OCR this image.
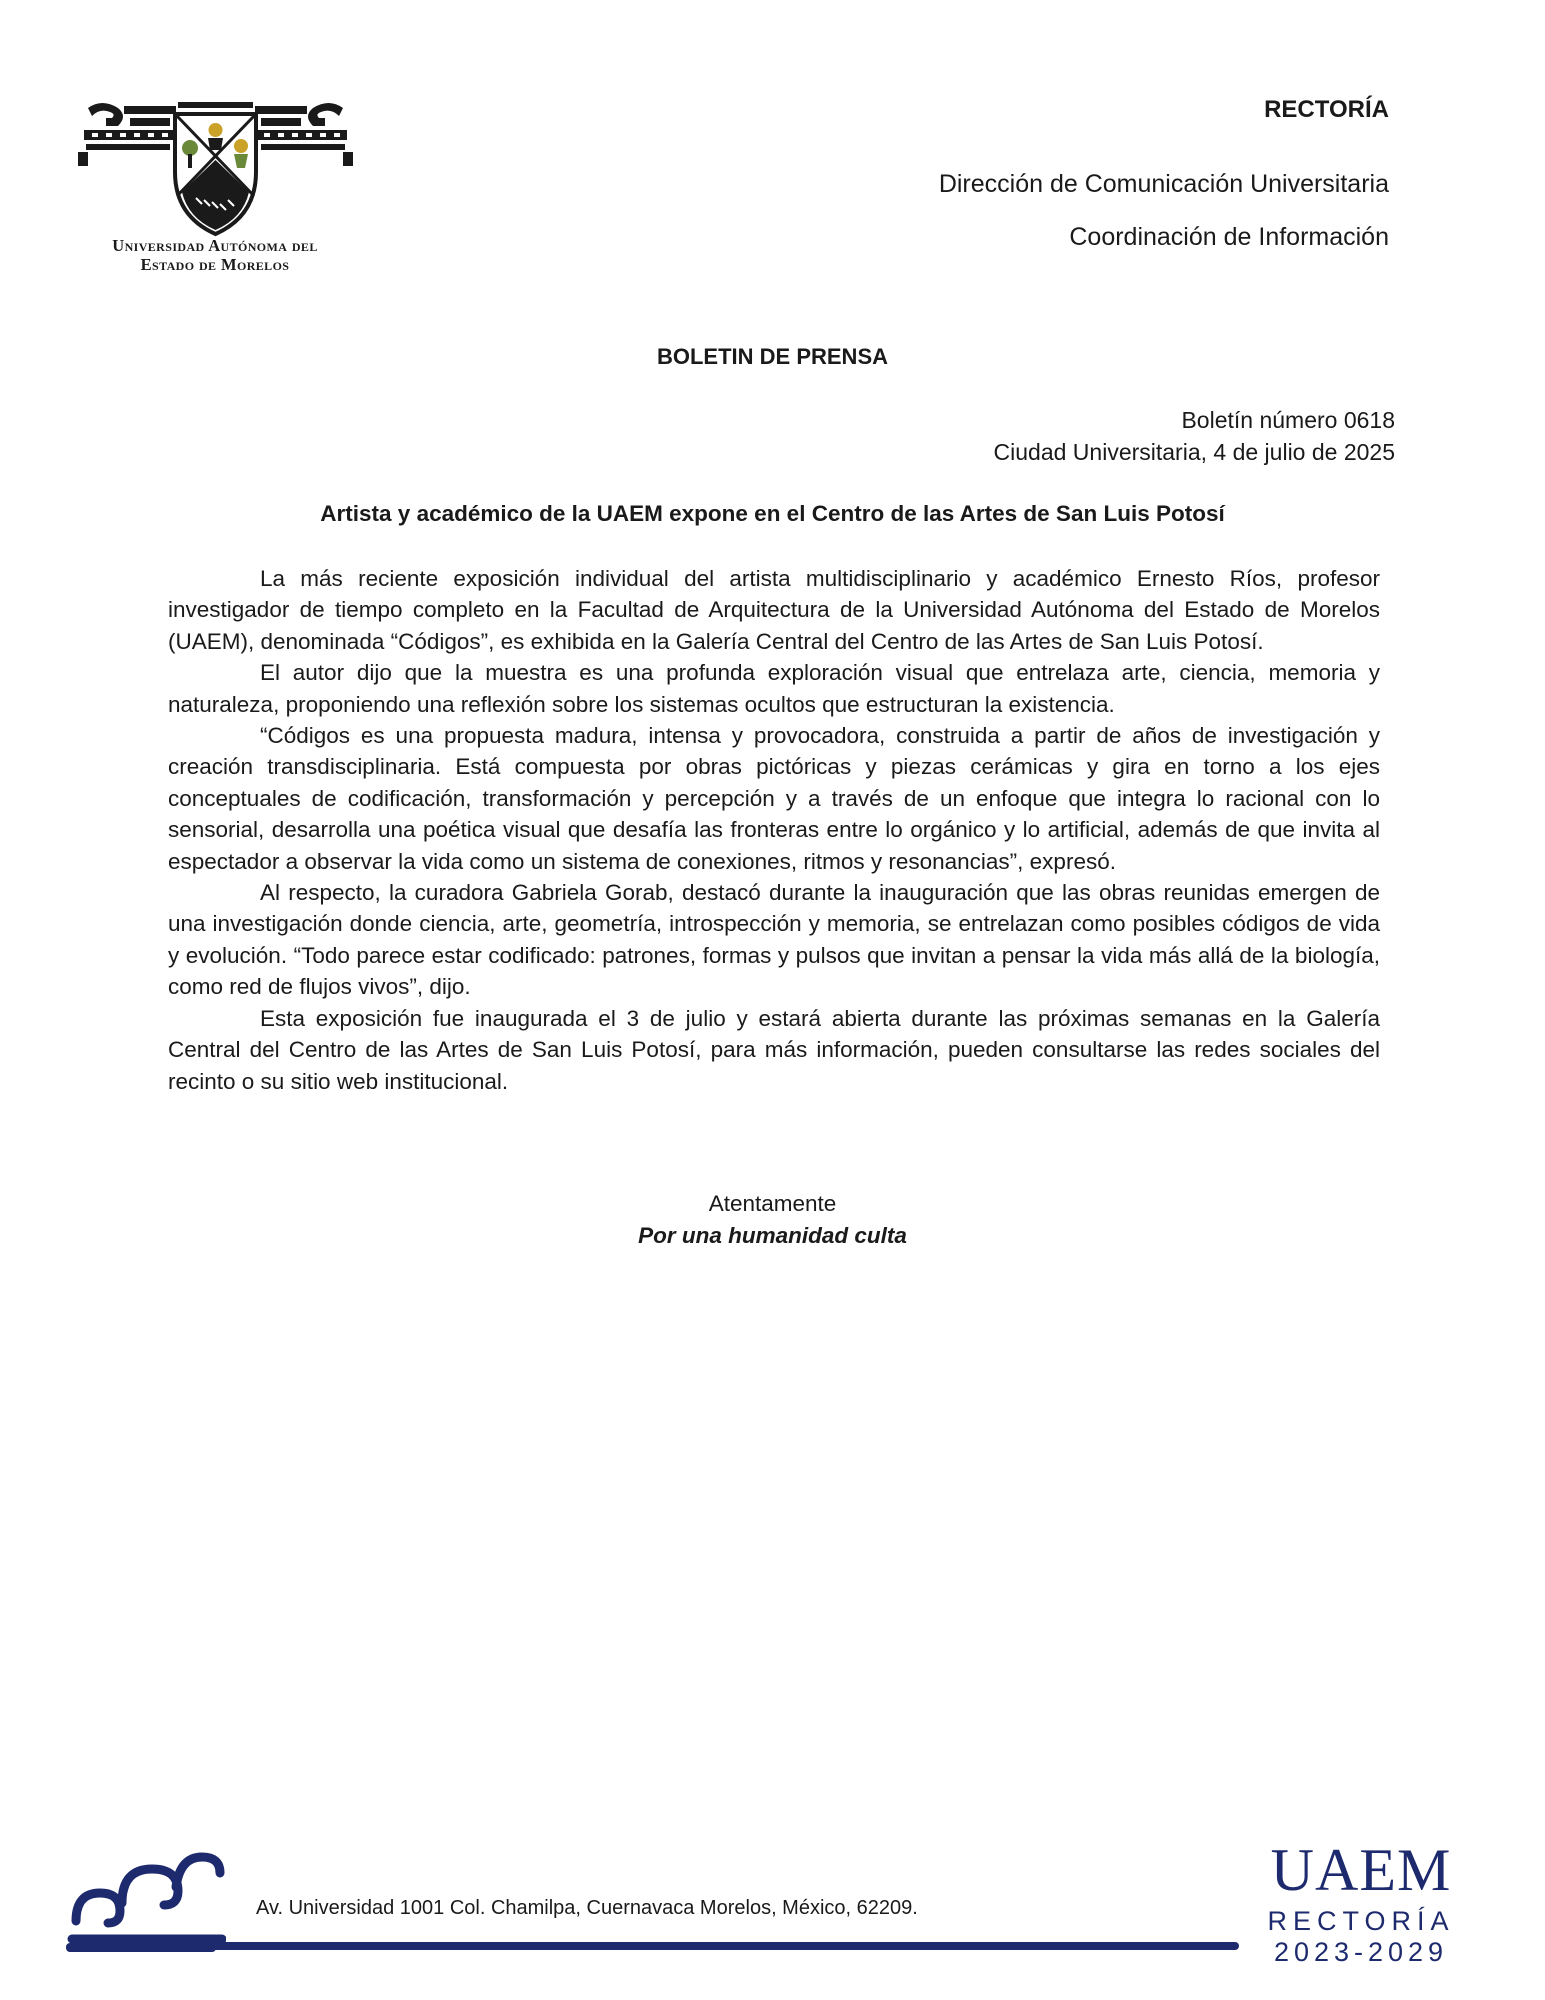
Universidad Autónoma del
Estado de Morelos
RECTORÍA
Dirección de Comunicación Universitaria
Coordinación de Información
BOLETIN DE PRENSA
Boletín número 0618
Ciudad Universitaria, 4 de julio de 2025
Artista y académico de la UAEM expone en el Centro de las Artes de San Luis Potosí

La más reciente exposición individual del artista multidisciplinario y académico Ernesto Ríos, profesor investigador de tiempo completo en la Facultad de Arquitectura de la Universidad Autónoma del Estado de Morelos (UAEM), denominada “Códigos”, es exhibida en la Galería Central del Centro de las Artes de San Luis Potosí.

El autor dijo que la muestra es una profunda exploración visual que entrelaza arte, ciencia, memoria y naturaleza, proponiendo una reflexión sobre los sistemas ocultos que estructuran la existencia.

“Códigos es una propuesta madura, intensa y provocadora, construida a partir de años de investigación y creación transdisciplinaria. Está compuesta por obras pictóricas y piezas cerámicas y gira en torno a los ejes conceptuales de codificación, transformación y percepción y a través de un enfoque que integra lo racional con lo sensorial, desarrolla una poética visual que desafía las fronteras entre lo orgánico y lo artificial, además de que invita al espectador a observar la vida como un sistema de conexiones, ritmos y resonancias”, expresó.

Al respecto, la curadora Gabriela Gorab, destacó durante la inauguración que las obras reunidas emergen de una investigación donde ciencia, arte, geometría, introspección y memoria, se entrelazan como posibles códigos de vida y evolución. “Todo parece estar codificado: patrones, formas y pulsos que invitan a pensar la vida más allá de la biología, como red de flujos vivos”, dijo.

Esta exposición fue inaugurada el 3 de julio y estará abierta durante las próximas semanas en la Galería Central del Centro de las Artes de San Luis Potosí, para más información, pueden consultarse las redes sociales del recinto o su sitio web institucional.

Atentamente
Por una humanidad culta
Av. Universidad 1001 Col. Chamilpa, Cuernavaca Morelos, México, 62209.
UAEM
RECTORÍA
2023-2029
